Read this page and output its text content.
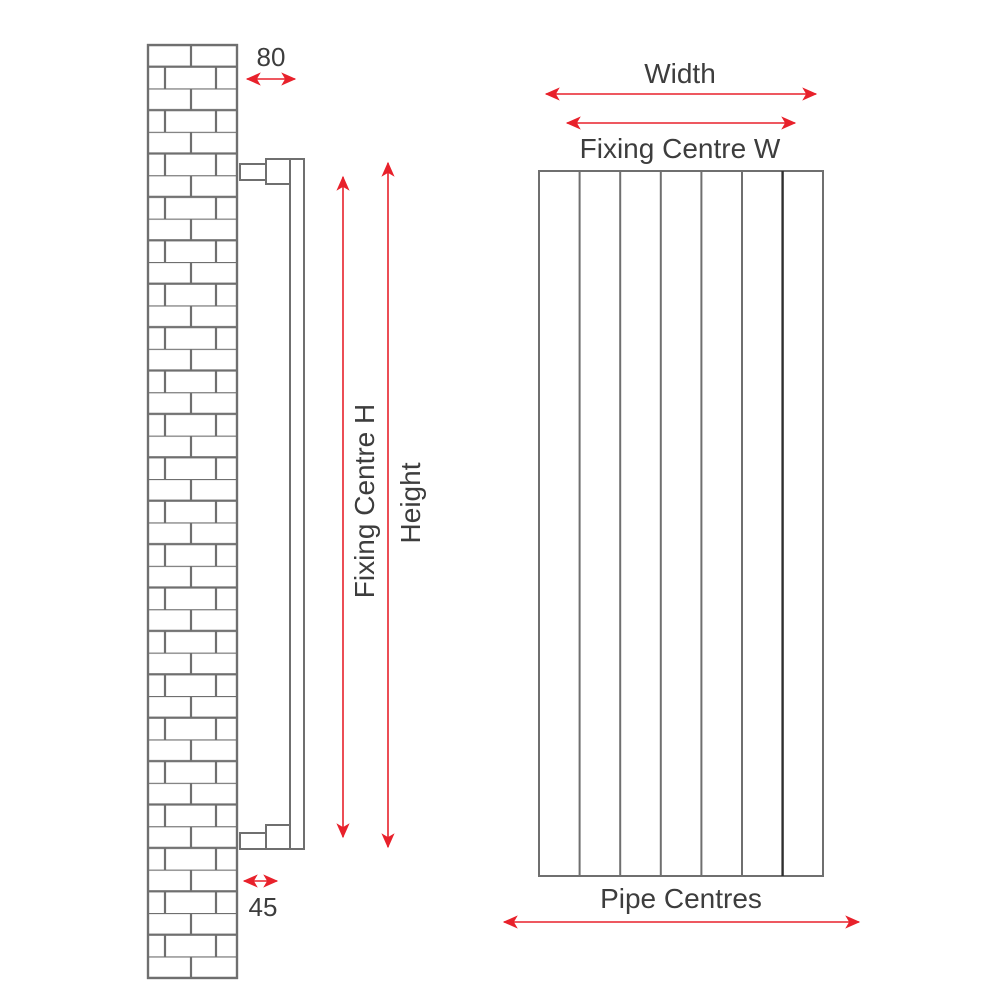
80
45
Fixing Centre H Height
Width
Fixing Centre W
Pipe Centres
